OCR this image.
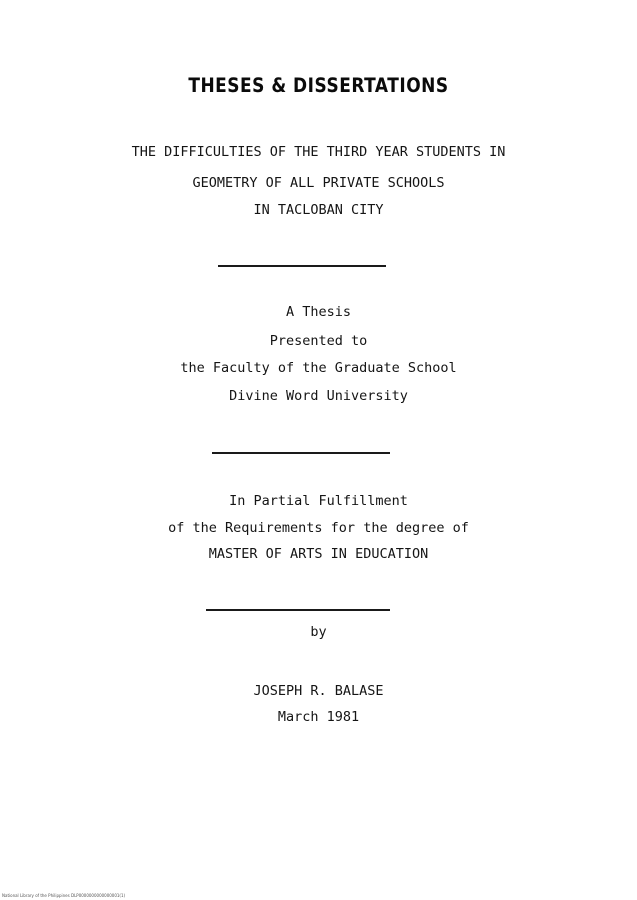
THESES & DISSERTATIONS
THE DIFFICULTIES OF THE THIRD YEAR STUDENTS IN
GEOMETRY OF ALL PRIVATE SCHOOLS
IN TACLOBAN CITY
A Thesis
Presented to
the Faculty of the Graduate School
Divine Word University
In Partial Fulfillment
of the Requirements for the degree of
MASTER OF ARTS IN EDUCATION
by
JOSEPH R. BALASE
March 1981
National Library of the Philippines DLP0000000000000001(1)
